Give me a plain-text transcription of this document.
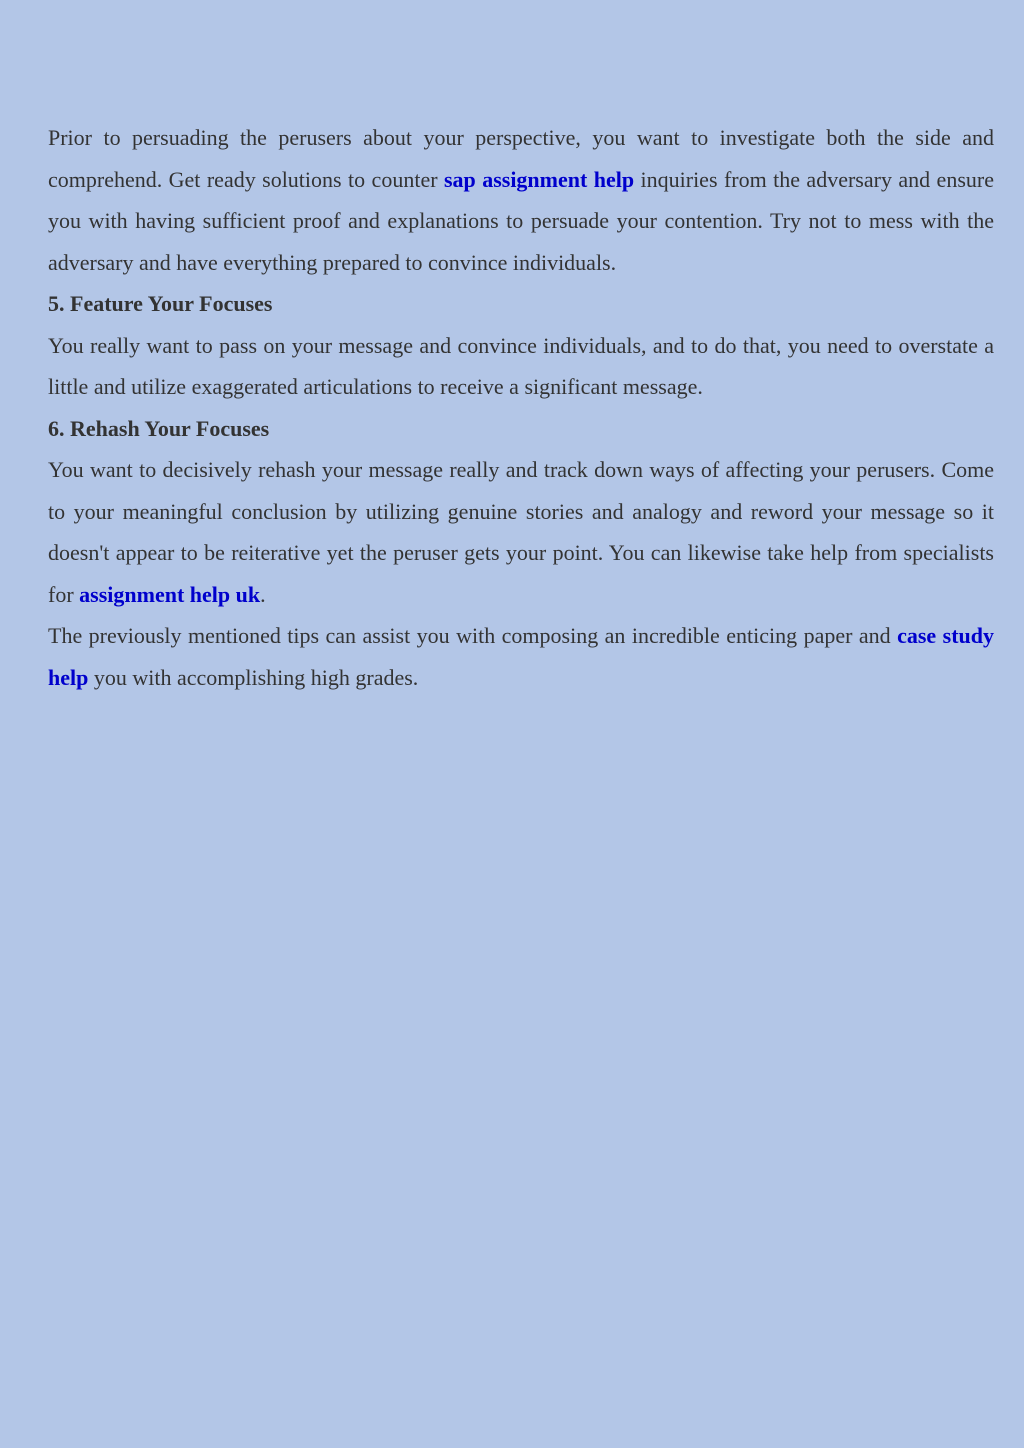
Prior to persuading the perusers about your perspective, you want to investigate both the side and comprehend. Get ready solutions to counter sap assignment help inquiries from the adversary and ensure you with having sufficient proof and explanations to persuade your contention. Try not to mess with the adversary and have everything prepared to convince individuals.

5. Feature Your Focuses

You really want to pass on your message and convince individuals, and to do that, you need to overstate a little and utilize exaggerated articulations to receive a significant message.

6. Rehash Your Focuses

You want to decisively rehash your message really and track down ways of affecting your perusers. Come to your meaningful conclusion by utilizing genuine stories and analogy and reword your message so it doesn't appear to be reiterative yet the peruser gets your point. You can likewise take help from specialists for assignment help uk.

The previously mentioned tips can assist you with composing an incredible enticing paper and case study help you with accomplishing high grades.
